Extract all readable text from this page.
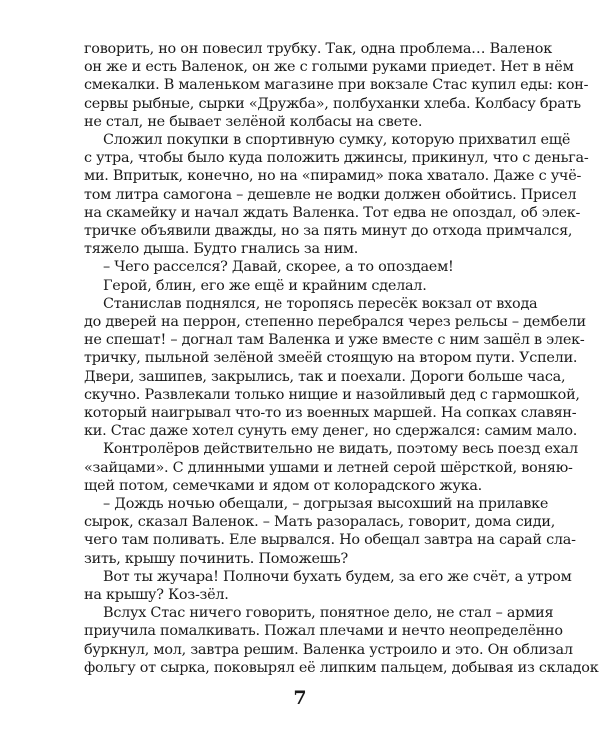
говорить, но он повесил трубку. Так, одна проблема… Валенок
он же и есть Валенок, он же с голыми руками приедет. Нет в нём
смекалки. В маленьком магазине при вокзале Стас купил еды: кон-
сервы рыбные, сырки «Дружба», полбуханки хлеба. Колбасу брать
не стал, не бывает зелёной колбасы на свете.
Сложил покупки в спортивную сумку, которую прихватил ещё
с утра, чтобы было куда положить джинсы, прикинул, что с деньга-
ми. Впритык, конечно, но на «пирамид» пока хватало. Даже с учё-
том литра самогона – дешевле не водки должен обойтись. Присел
на скамейку и начал ждать Валенка. Тот едва не опоздал, об элек-
тричке объявили дважды, но за пять минут до отхода примчался,
тяжело дыша. Будто гнались за ним.
– Чего расселся? Давай, скорее, а то опоздаем!
Герой, блин, его же ещё и крайним сделал.
Станислав поднялся, не торопясь пересёк вокзал от входа
до дверей на перрон, степенно перебрался через рельсы – дембели
не спешат! – догнал там Валенка и уже вместе с ним зашёл в элек-
тричку, пыльной зелёной змеёй стоящую на втором пути. Успели.
Двери, зашипев, закрылись, так и поехали. Дороги больше часа,
скучно. Развлекали только нищие и назойливый дед с гармошкой,
который наигрывал что-то из военных маршей. На сопках славян-
ки. Стас даже хотел сунуть ему денег, но сдержался: самим мало.
Контролёров действительно не видать, поэтому весь поезд ехал
«зайцами». С длинными ушами и летней серой шёрсткой, воняю-
щей потом, семечками и ядом от колорадского жука.
– Дождь ночью обещали, – догрызая высохший на прилавке
сырок, сказал Валенок. – Мать разоралась, говорит, дома сиди,
чего там поливать. Еле вырвался. Но обещал завтра на сарай сла-
зить, крышу починить. Поможешь?
Вот ты жучара! Полночи бухать будем, за его же счёт, а утром
на крышу? Коз-зёл.
Вслух Стас ничего говорить, понятное дело, не стал – армия
приучила помалкивать. Пожал плечами и нечто неопределённо
буркнул, мол, завтра решим. Валенка устроило и это. Он облизал
фольгу от сырка, поковырял её липким пальцем, добывая из складок
7
